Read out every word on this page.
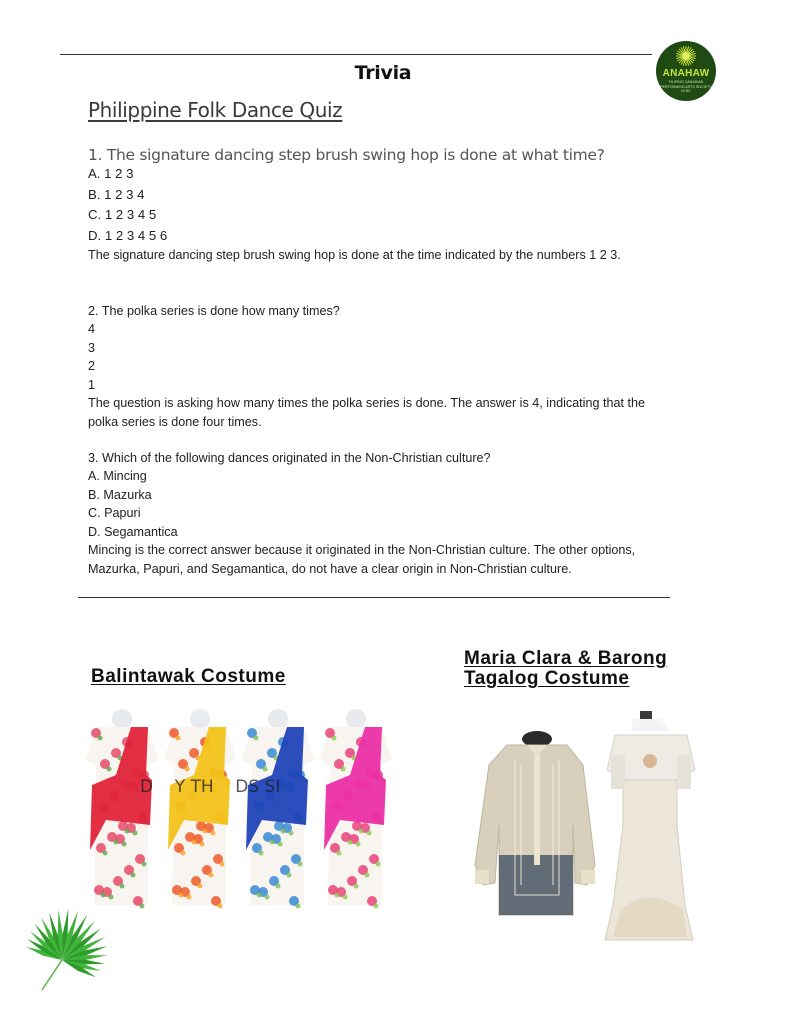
Trivia	ANAHAW
FILIPINO CANADIAN
PERFORMING ARTS SOCIETY
IN BC
Philippine Folk Dance Quiz
1. The signature dancing step brush swing hop is done at what time?
A. 1 2 3
B. 1 2 3 4
C. 1 2 3 4 5
D. 1 2 3 4 5 6
The signature dancing step brush swing hop is done at the time indicated by the numbers 1 2 3.
2. The polka series is done how many times?
4
3
2
1
The question is asking how many times the polka series is done. The answer is 4, indicating that the
polka series is done four times.
3. Which of the following dances originated in the Non-Christian culture?
A. Mincing
B. Mazurka
C. Papuri
D. Segamantica
Mincing is the correct answer because it originated in the Non-Christian culture. The other options,
Mazurka, Papuri, and Segamantica, do not have a clear origin in Non-Christian culture.
Balintawak Costume
Maria Clara & Barong
Tagalog Costume
D    Y TH    DS SI
